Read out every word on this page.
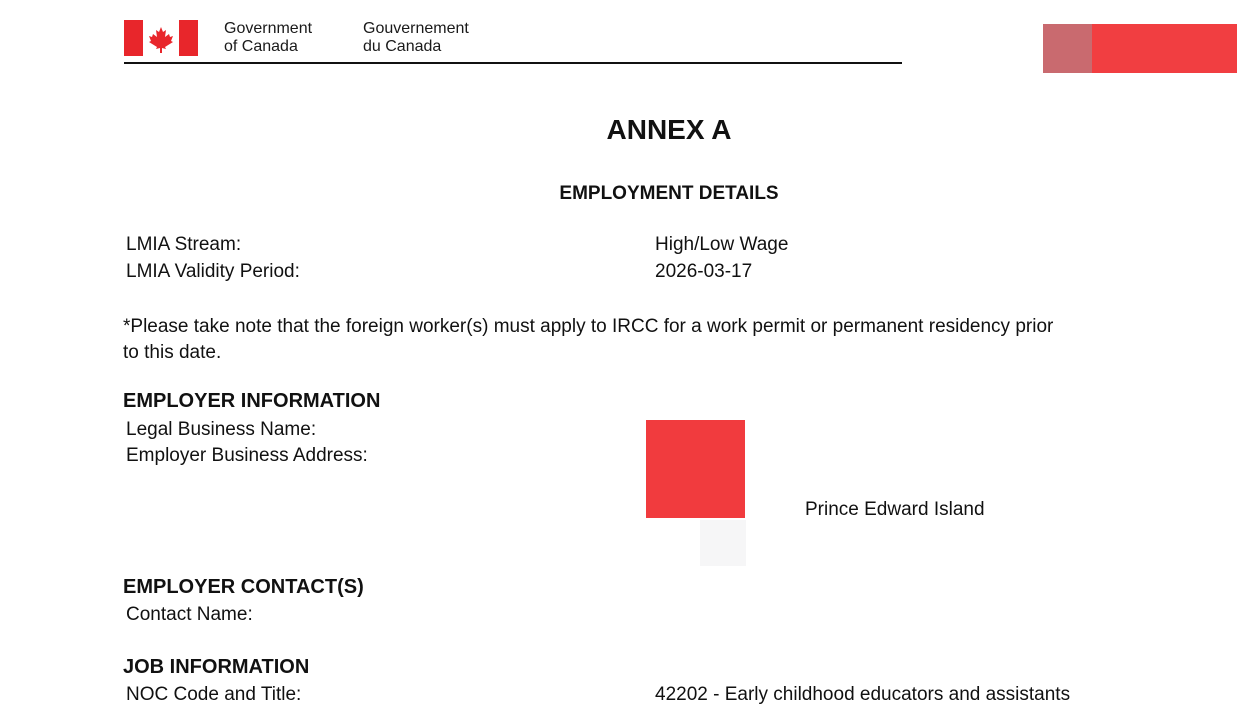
Government
of Canada
Gouvernement
du Canada
ANNEX A
EMPLOYMENT DETAILS
LMIA Stream:	High/Low Wage
LMIA Validity Period:	2026-03-17
*Please take note that the foreign worker(s) must apply to IRCC for a work permit or permanent residency prior
to this date.
EMPLOYER INFORMATION
Legal Business Name:
Employer Business Address:
Prince Edward Island
EMPLOYER CONTACT(S)
Contact Name:
JOB INFORMATION
NOC Code and Title:	42202 - Early childhood educators and assistants
